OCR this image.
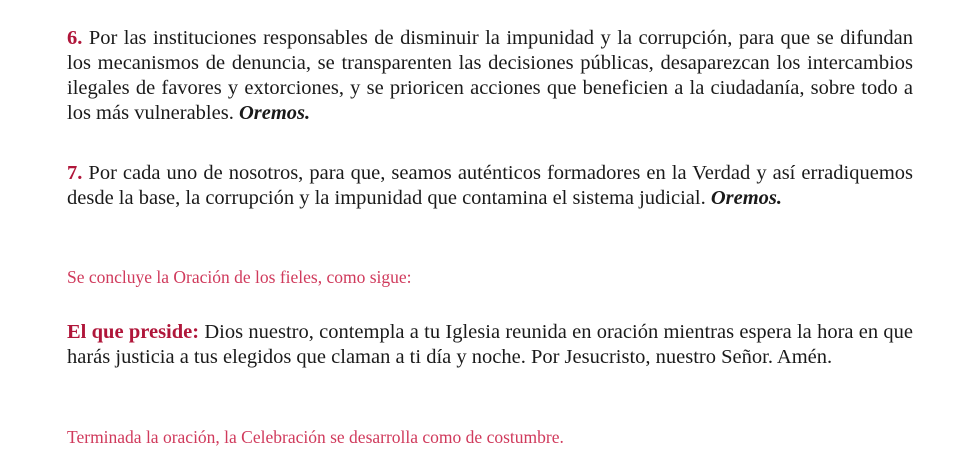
6. Por las instituciones responsables de disminuir la impunidad y la corrupción, para que se difundan los mecanismos de denuncia, se transparenten las decisiones públicas, desaparezcan los intercambios ilegales de favores y extorciones, y se prioricen acciones que beneficien a la ciudadanía, sobre todo a los más vulnerables. Oremos.

7. Por cada uno de nosotros, para que, seamos auténticos formadores en la Verdad y así erradiquemos desde la base, la corrupción y la impunidad que contamina el sistema judicial. Oremos.

Se concluye la Oración de los fieles, como sigue:

El que preside: Dios nuestro, contempla a tu Iglesia reunida en oración mientras espera la hora en que harás justicia a tus elegidos que claman a ti día y noche. Por Jesucristo, nuestro Señor. Amén.

Terminada la oración, la Celebración se desarrolla como de costumbre.
